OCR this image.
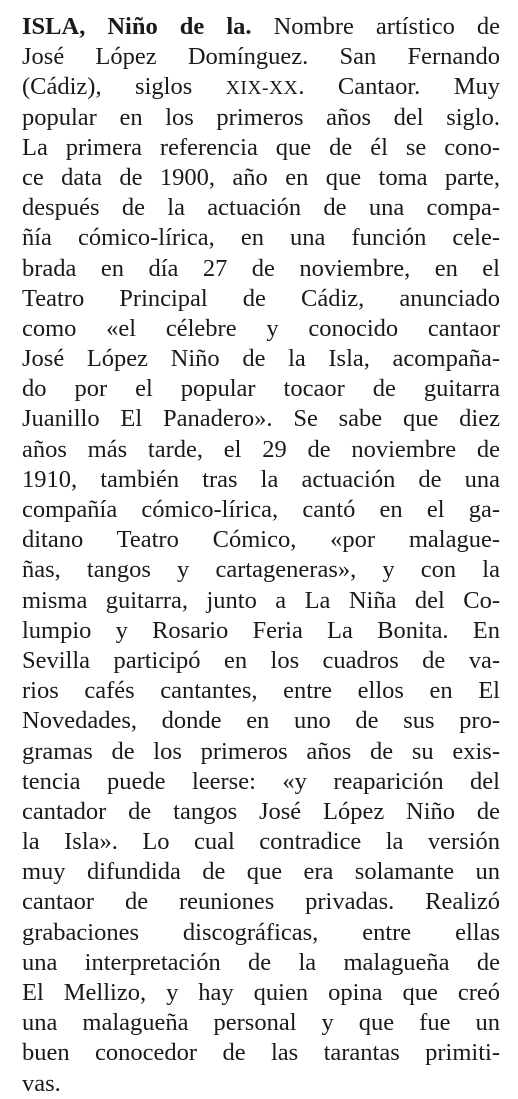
ISLA, Niño de la. Nombre artístico de
José López Domínguez. San Fernando
(Cádiz), siglos XIX-XX. Cantaor. Muy
popular en los primeros años del siglo.
La primera referencia que de él se cono-
ce data de 1900, año en que toma parte,
después de la actuación de una compa-
ñía cómico-lírica, en una función cele-
brada en día 27 de noviembre, en el
Teatro Principal de Cádiz, anunciado
como «el célebre y conocido cantaor
José López Niño de la Isla, acompaña-
do por el popular tocaor de guitarra
Juanillo El Panadero». Se sabe que diez
años más tarde, el 29 de noviembre de
1910, también tras la actuación de una
compañía cómico-lírica, cantó en el ga-
ditano Teatro Cómico, «por malague-
ñas, tangos y cartageneras», y con la
misma guitarra, junto a La Niña del Co-
lumpio y Rosario Feria La Bonita. En
Sevilla participó en los cuadros de va-
rios cafés cantantes, entre ellos en El
Novedades, donde en uno de sus pro-
gramas de los primeros años de su exis-
tencia puede leerse: «y reaparición del
cantador de tangos José López Niño de
la Isla». Lo cual contradice la versión
muy difundida de que era solamante un
cantaor de reuniones privadas. Realizó
grabaciones discográficas, entre ellas
una interpretación de la malagueña de
El Mellizo, y hay quien opina que creó
una malagueña personal y que fue un
buen conocedor de las tarantas primiti-
vas.
